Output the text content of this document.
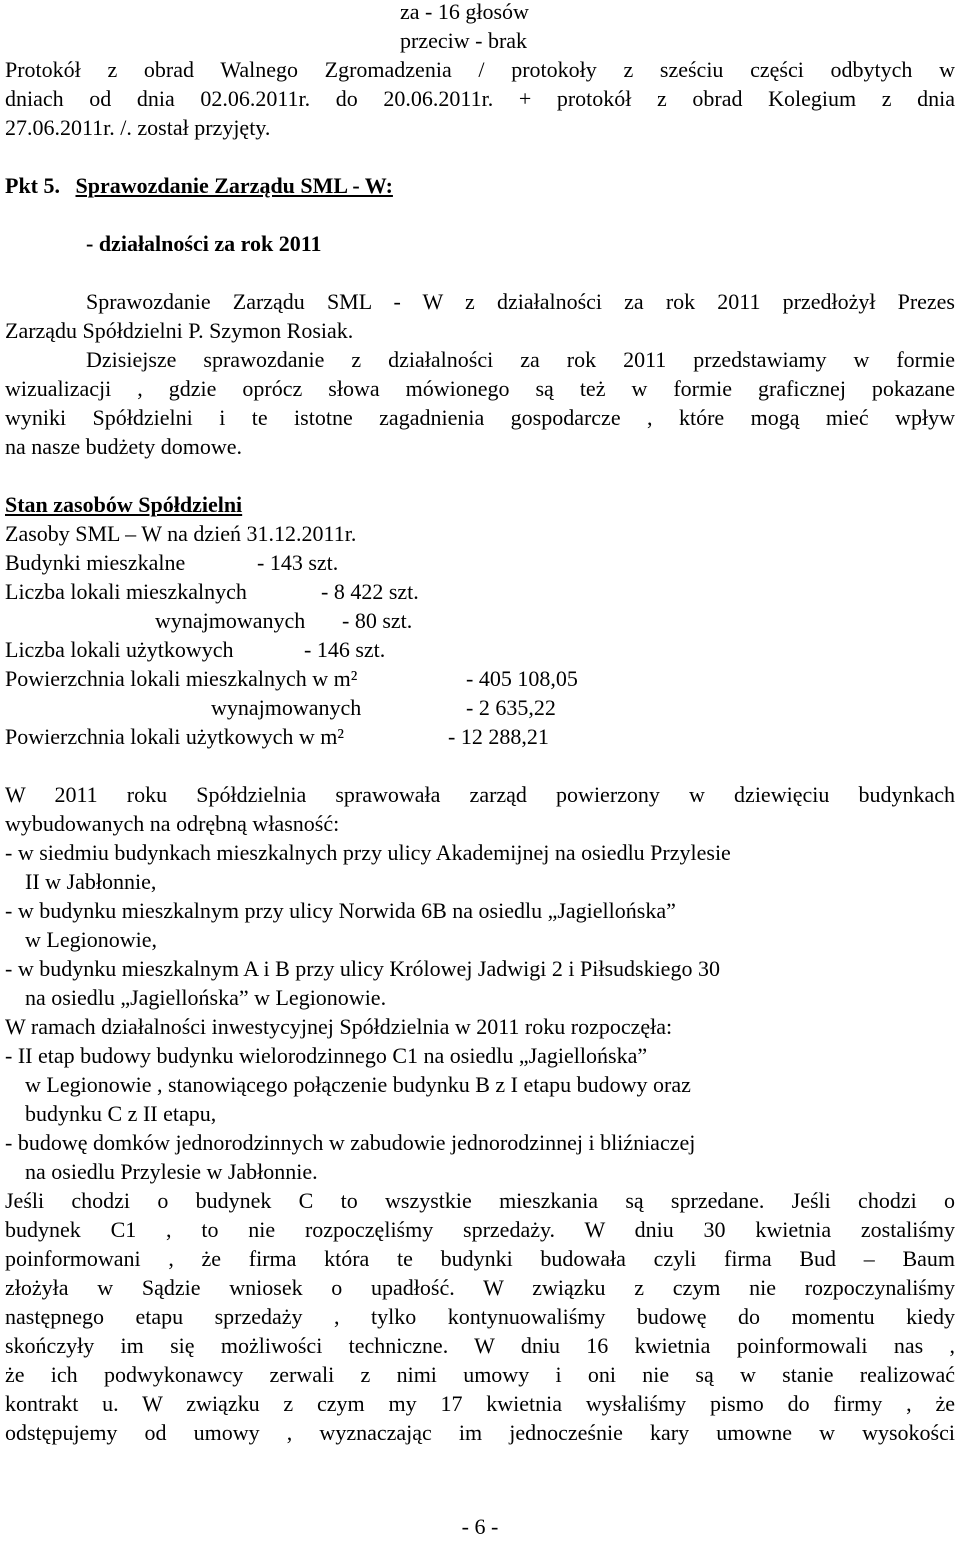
za - 16 głosów

przeciw - brak

Protokół z obrad Walnego Zgromadzenia / protokoły z sześciu części odbytych w

dniach od dnia 02.06.2011r. do 20.06.2011r. + protokół z obrad Kolegium z dnia

27.06.2011r. /. został przyjęty.

Pkt 5. Sprawozdanie Zarządu SML - W:

- działalności za rok 2011

Sprawozdanie Zarządu SML - W z działalności za rok 2011 przedłożył Prezes

Zarządu Spółdzielni P. Szymon Rosiak.

Dzisiejsze sprawozdanie z działalności za rok 2011 przedstawiamy w formie

wizualizacji , gdzie oprócz słowa mówionego są też w formie graficznej pokazane

wyniki Spółdzielni i te istotne zagadnienia gospodarcze , które mogą mieć wpływ

na nasze budżety domowe.

Stan zasobów Spółdzielni

Zasoby SML – W na dzień 31.12.2011r.

Budynki mieszkalne	- 143 szt.
Liczba lokali mieszkalnych	- 8 422 szt.
wynajmowanych - 80 szt.
Liczba lokali użytkowych	- 146 szt.
Powierzchnia lokali mieszkalnych w m²	- 405 108,05
wynajmowanych	- 2 635,22
Powierzchnia lokali użytkowych w m²	- 12 288,21

W 2011 roku Spółdzielnia sprawowała zarząd powierzony w dziewięciu budynkach

wybudowanych na odrębną własność:

- w siedmiu budynkach mieszkalnych przy ulicy Akademijnej na osiedlu Przylesie

II w Jabłonnie,

- w budynku mieszkalnym przy ulicy Norwida 6B na osiedlu „Jagiellońska”

w Legionowie,

- w budynku mieszkalnym A i B przy ulicy Królowej Jadwigi 2 i Piłsudskiego 30

na osiedlu „Jagiellońska” w Legionowie.

W ramach działalności inwestycyjnej Spółdzielnia w 2011 roku rozpoczęła:

- II etap budowy budynku wielorodzinnego C1 na osiedlu „Jagiellońska”

w Legionowie , stanowiącego połączenie budynku B z I etapu budowy oraz

budynku C z II etapu,

- budowę domków jednorodzinnych w zabudowie jednorodzinnej i bliźniaczej

na osiedlu Przylesie w Jabłonnie.

Jeśli chodzi o budynek C to wszystkie mieszkania są sprzedane. Jeśli chodzi o

budynek C1 , to nie rozpoczęliśmy sprzedaży. W dniu 30 kwietnia zostaliśmy

poinformowani , że firma która te budynki budowała czyli firma Bud – Baum

złożyła w Sądzie wniosek o upadłość. W związku z czym nie rozpoczynaliśmy

następnego etapu sprzedaży , tylko kontynuowaliśmy budowę do momentu kiedy

skończyły im się możliwości techniczne. W dniu 16 kwietnia poinformowali nas ,

że ich podwykonawcy zerwali z nimi umowy i oni nie są w stanie realizować

kontrakt u. W związku z czym my 17 kwietnia wysłaliśmy pismo do firmy , że

odstępujemy od umowy , wyznaczając im jednocześnie kary umowne w wysokości

- 6 -
